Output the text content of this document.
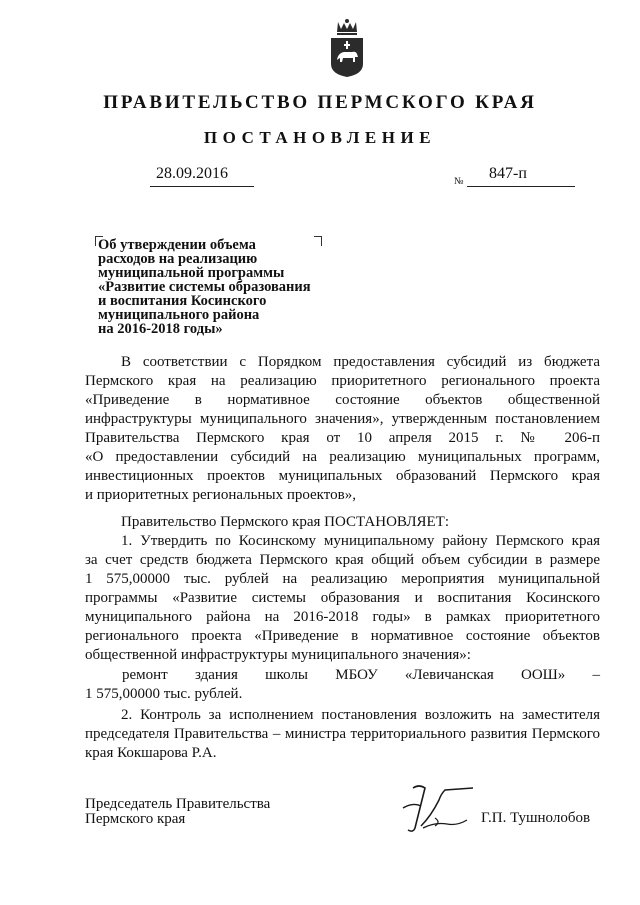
ПРАВИТЕЛЬСТВО ПЕРМСКОГО КРАЯ
ПОСТАНОВЛЕНИЕ
28.09.2016	№ 847-п
Об утверждении объема
расходов на реализацию
муниципальной программы
«Развитие системы образования
и воспитания Косинского
муниципального района
на 2016-2018 годы»
В соответствии с Порядком предоставления субсидий из бюджета
Пермского края на реализацию приоритетного регионального проекта
«Приведение в нормативное состояние объектов общественной
инфраструктуры муниципального значения», утвержденным постановлением
Правительства Пермского края от 10 апреля 2015 г. № 206-п
«О предоставлении субсидий на реализацию муниципальных программ,
инвестиционных проектов муниципальных образований Пермского края
и приоритетных региональных проектов»,
Правительство Пермского края ПОСТАНОВЛЯЕТ:
1. Утвердить по Косинскому муниципальному району Пермского края
за счет средств бюджета Пермского края общий объем субсидии в размере
1 575,00000 тыс. рублей на реализацию мероприятия муниципальной
программы «Развитие системы образования и воспитания Косинского
муниципального района на 2016-2018 годы» в рамках приоритетного
регионального проекта «Приведение в нормативное состояние объектов
общественной инфраструктуры муниципального значения»:
ремонт здания школы МБОУ «Левичанская ООШ» –
1 575,00000 тыс. рублей.
2. Контроль за исполнением постановления возложить на заместителя
председателя Правительства – министра территориального развития Пермского
края Кокшарова Р.А.
Председатель Правительства
Пермского края	Г.П. Тушнолобов
